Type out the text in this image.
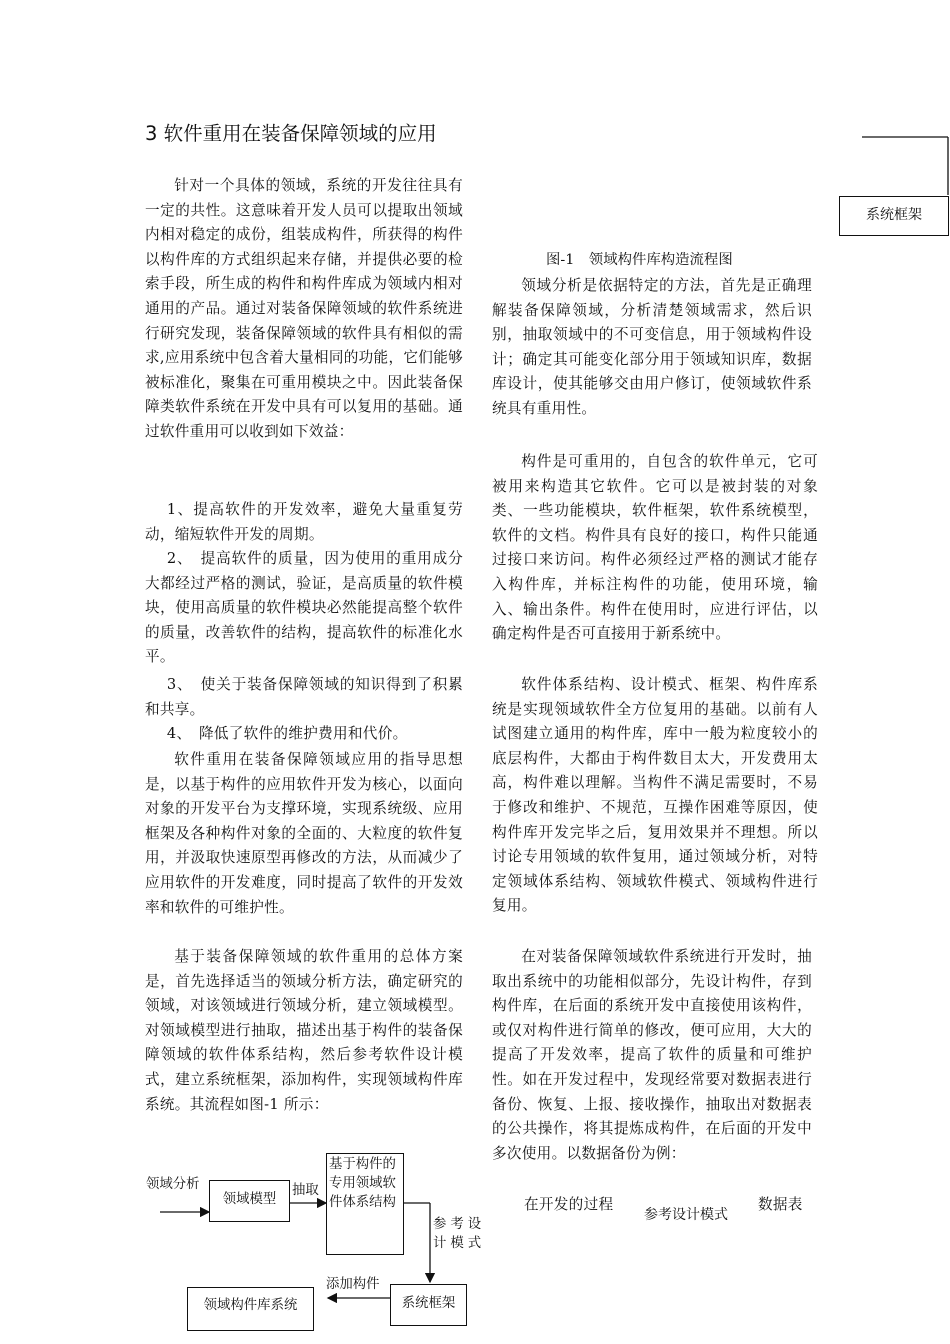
3 软件重用在装备保障领域的应用

针对一个具体的领域，系统的开发往往具有一定的共性。这意味着开发人员可以提取出领域内相对稳定的成份，组装成构件，所获得的构件以构件库的方式组织起来存储，并提供必要的检索手段，所生成的构件和构件库成为领域内相对通用的产品。通过对装备保障领域的软件系统进行研究发现，装备保障领域的软件具有相似的需求,应用系统中包含着大量相同的功能，它们能够被标准化，聚集在可重用模块之中。因此装备保障类软件系统在开发中具有可以复用的基础。通过软件重用可以收到如下效益：

1、提高软件的开发效率，避免大量重复劳动，缩短软件开发的周期。

2、　提高软件的质量，因为使用的重用成分大都经过严格的测试，验证，是高质量的软件模块，使用高质量的软件模块必然能提高整个软件的质量，改善软件的结构，提高软件的标准化水平。

3、　使关于装备保障领域的知识得到了积累和共享。

4、　降低了软件的维护费用和代价。

软件重用在装备保障领域应用的指导思想是，以基于构件的应用软件开发为核心，以面向对象的开发平台为支撑环境，实现系统级、应用框架及各种构件对象的全面的、大粒度的软件复用，并汲取快速原型再修改的方法，从而减少了应用软件的开发难度，同时提高了软件的开发效率和软件的可维护性。

基于装备保障领域的软件重用的总体方案是，首先选择适当的领域分析方法，确定研究的领域，对该领域进行领域分析，建立领域模型。对领域模型进行抽取，描述出基于构件的装备保障领域的软件体系结构，然后参考软件设计模式，建立系统框架，添加构件，实现领域构件库系统。其流程如图-1 所示：

图-1　领域构件库构造流程图

领域分析是依据特定的方法，首先是正确理解装备保障领域，分析清楚领域需求，然后识别，抽取领域中的不可变信息，用于领域构件设计；确定其可能变化部分用于领域知识库，数据库设计，使其能够交由用户修订，使领域软件系统具有重用性。

构件是可重用的，自包含的软件单元，它可被用来构造其它软件。它可以是被封装的对象类、一些功能模块，软件框架，软件系统模型，软件的文档。构件具有良好的接口，构件只能通过接口来访问。构件必须经过严格的测试才能存入构件库，并标注构件的功能，使用环境，输入、输出条件。构件在使用时，应进行评估，以确定构件是否可直接用于新系统中。

软件体系结构、设计模式、框架、构件库系统是实现领域软件全方位复用的基础。以前有人试图建立通用的构件库，库中一般为粒度较小的底层构件，大都由于构件数目太大，开发费用太高，构件难以理解。当构件不满足需要时，不易于修改和维护、不规范，互操作困难等原因，使构件库开发完毕之后，复用效果并不理想。所以讨论专用领域的软件复用，通过领域分析，对特定领域体系结构、领域软件模式、领域构件进行复用。

在对装备保障领域软件系统进行开发时，抽取出系统中的功能相似部分，先设计构件，存到构件库，在后面的系统开发中直接使用该构件，或仅对构件进行简单的修改，便可应用，大大的提高了开发效率，提高了软件的质量和可维护性。如在开发过程中，发现经常要对数据表进行备份、恢复、上报、接收操作，抽取出对数据表的公共操作，将其提炼成构件，在后面的开发中多次使用。以数据备份为例：

在开发的过程	数据表

系统框架

参考设计模式

领域分析

领域模型

抽取

基于构件的专用领域软件体系结构

参考设计模式

添加构件

系统框架
领域构件库系统
